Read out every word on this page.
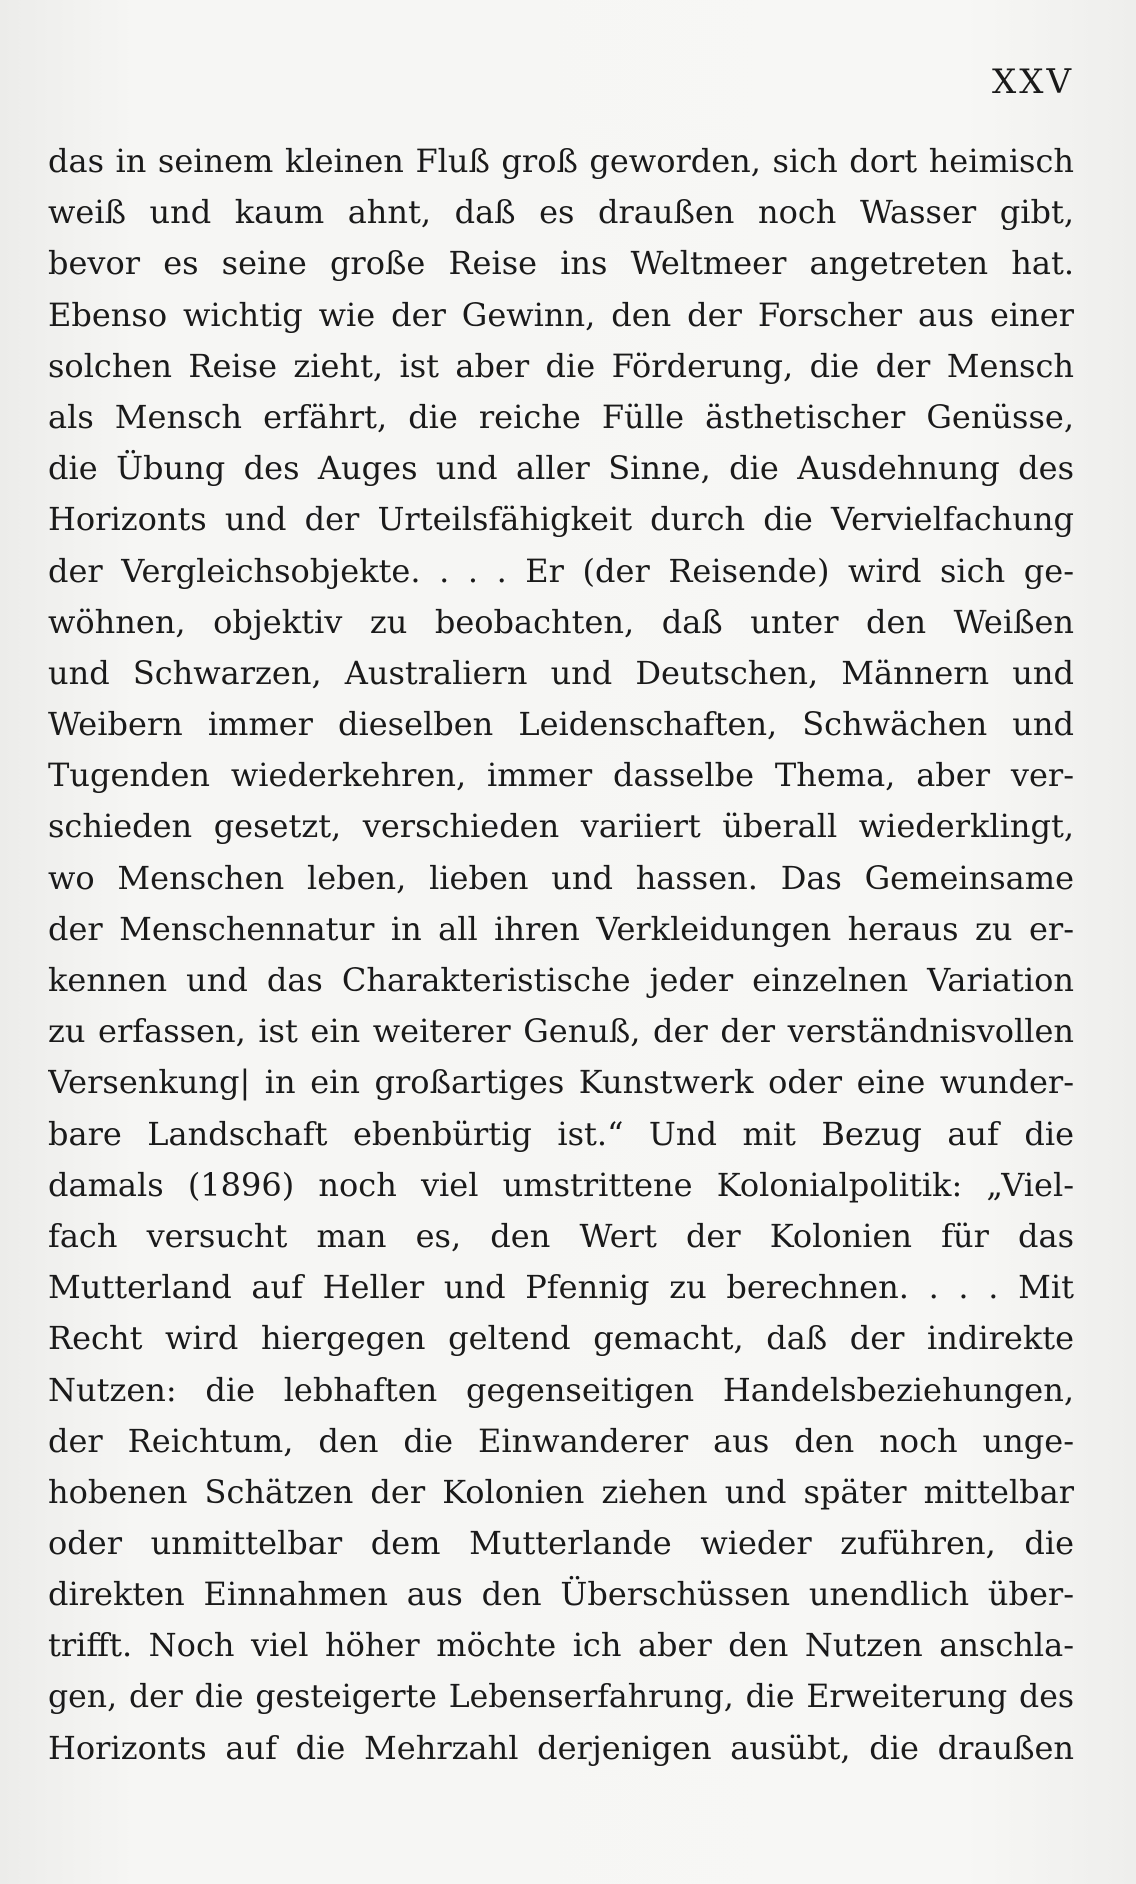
XXV
das in seinem kleinen Fluß groß geworden, sich dort heimisch
weiß und kaum ahnt, daß es draußen noch Wasser gibt,
bevor es seine große Reise ins Weltmeer angetreten hat.
Ebenso wichtig wie der Gewinn, den der Forscher aus einer
solchen Reise zieht, ist aber die Förderung, die der Mensch
als Mensch erfährt, die reiche Fülle ästhetischer Genüsse,
die Übung des Auges und aller Sinne, die Ausdehnung des
Horizonts und der Urteilsfähigkeit durch die Vervielfachung
der Vergleichsobjekte. . . . Er (der Reisende) wird sich ge-
wöhnen, objektiv zu beobachten, daß unter den Weißen
und Schwarzen, Australiern und Deutschen, Männern und
Weibern immer dieselben Leidenschaften, Schwächen und
Tugenden wiederkehren, immer dasselbe Thema, aber ver-
schieden gesetzt, verschieden variiert überall wiederklingt,
wo Menschen leben, lieben und hassen. Das Gemeinsame
der Menschennatur in all ihren Verkleidungen heraus zu er-
kennen und das Charakteristische jeder einzelnen Variation
zu erfassen, ist ein weiterer Genuß, der der verständnisvollen
Versenkung| in ein großartiges Kunstwerk oder eine wunder-
bare Landschaft ebenbürtig ist.“ Und mit Bezug auf die
damals (1896) noch viel umstrittene Kolonialpolitik: „Viel-
fach versucht man es, den Wert der Kolonien für das
Mutterland auf Heller und Pfennig zu berechnen. . . . Mit
Recht wird hiergegen geltend gemacht, daß der indirekte
Nutzen: die lebhaften gegenseitigen Handelsbeziehungen,
der Reichtum, den die Einwanderer aus den noch unge-
hobenen Schätzen der Kolonien ziehen und später mittelbar
oder unmittelbar dem Mutterlande wieder zuführen, die
direkten Einnahmen aus den Überschüssen unendlich über-
trifft. Noch viel höher möchte ich aber den Nutzen anschla-
gen, der die gesteigerte Lebenserfahrung, die Erweiterung des
Horizonts auf die Mehrzahl derjenigen ausübt, die draußen
